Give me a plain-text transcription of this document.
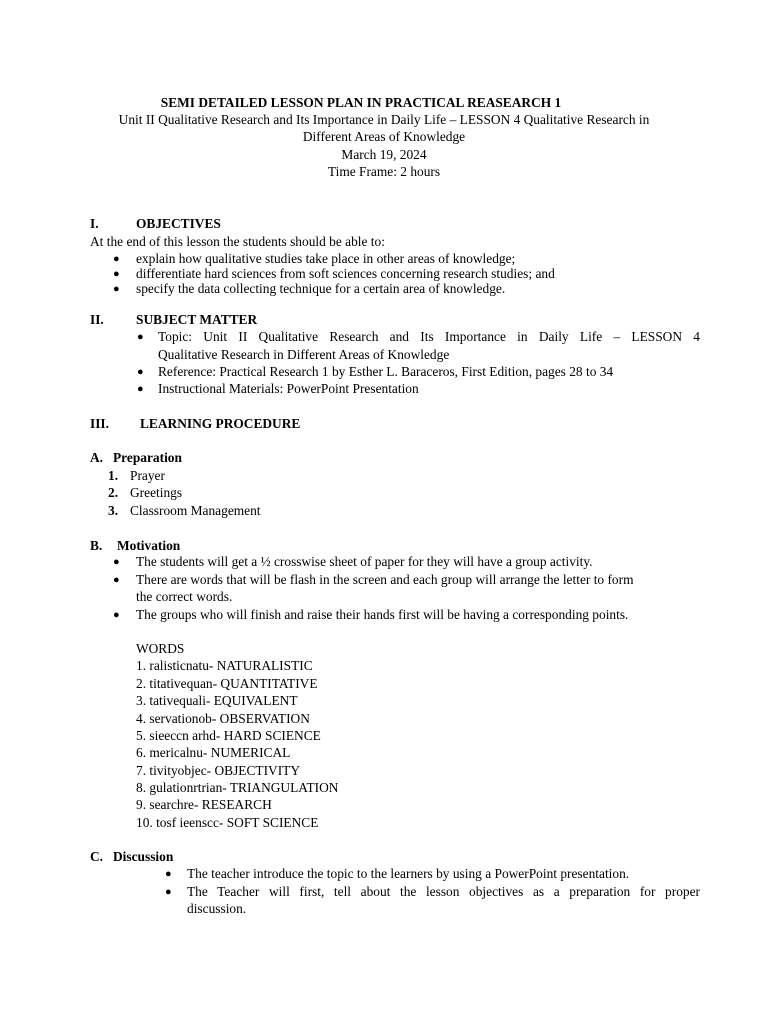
SEMI DETAILED LESSON PLAN IN PRACTICAL REASEARCH 1
Unit II Qualitative Research and Its Importance in Daily Life – LESSON 4 Qualitative Research in
Different Areas of Knowledge
March 19, 2024
Time Frame: 2 hours
I.	OBJECTIVES
At the end of this lesson the students should be able to:
● explain how qualitative studies take place in other areas of knowledge;
● differentiate hard sciences from soft sciences concerning research studies; and
● specify the data collecting technique for a certain area of knowledge.
II. SUBJECT MATTER
● Topic: Unit II Qualitative Research and Its Importance in Daily Life – LESSON 4
Qualitative Research in Different Areas of Knowledge
● Reference: Practical Research 1 by Esther L. Baraceros, First Edition, pages 28 to 34
● Instructional Materials: PowerPoint Presentation
III. LEARNING PROCEDURE
A. Preparation
1. Prayer
2. Greetings
3. Classroom Management
B. Motivation
● The students will get a ½ crosswise sheet of paper for they will have a group activity.
● There are words that will be flash in the screen and each group will arrange the letter to form
the correct words.
● The groups who will finish and raise their hands first will be having a corresponding points.
WORDS
1. ralisticnatu- NATURALISTIC
2. titativequan- QUANTITATIVE
3. tativequali- EQUIVALENT
4. servationob- OBSERVATION
5. sieeccn arhd- HARD SCIENCE
6. mericalnu- NUMERICAL
7. tivityobjec- OBJECTIVITY
8. gulationrtrian- TRIANGULATION
9. searchre- RESEARCH
10. tosf ieenscc- SOFT SCIENCE
C. Discussion
● The teacher introduce the topic to the learners by using a PowerPoint presentation.
● The Teacher will first, tell about the lesson objectives as a preparation for proper
discussion.
